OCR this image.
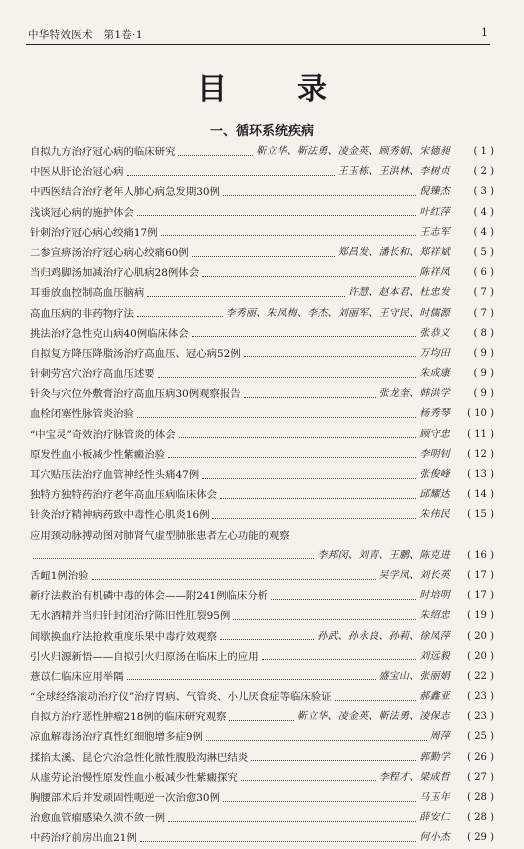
中华特效医术　第1卷·1	1
目　录
一、循环系统疾病
自拟九方治疗冠心病的临床研究	靳立华、靳法勇、凌金英、顾秀娟、宋德昶	( 1 )
中医从肝论治冠心病	王玉栋、王洪林、李树贞	( 2 )
中西医结合治疗老年人肺心病急发期30例	倪臻杰	( 3 )
浅谈冠心病的施护体会	叶红萍	( 4 )
针刺治疗冠心病心绞痛17例	王志军	( 4 )
二参宣痹汤治疗冠心病心绞痛60例	郑昌发、潘长和、郑祥斌	( 5 )
当归鸡脚汤加减治疗心肌病28例体会	陈祥凤	( 6 )
耳垂放血控制高血压脑病	许慧、赵本君、杜忠发	( 7 )
高血压病的非药物疗法	李秀丽、朱凤梅、李杰、刘丽军、王守民、时儒源	( 7 )
挑法治疗急性克山病40例临床体会	张恭义	( 8 )
自拟复方降压降脂汤治疗高血压、冠心病52例	万均田	( 9 )
针刺劳宫穴治疗高血压述要	朱成康	( 9 )
针灸与穴位外敷膏治疗高血压病30例观察报告	张龙奎、韩洪学	( 9 )
血栓闭塞性脉管炎治验	杨秀琴	( 10 )
“中宝灵”奇效治疗脉管炎的体会	顾守忠	( 11 )
原发性血小板减少性紫癜治验	李明钊	( 12 )
耳穴贴压法治疗血管神经性头痛47例	张俊峰	( 13 )
独特方独特药治疗老年高血压病临床体会	邱耀达	( 14 )
针灸治疗精神病药致中毒性心肌炎16例	朱伟民	( 15 )
应用颈动脉搏动图对肺肾气虚型肺胀患者左心功能的观察
李邦闵、刘青、王鹏、陈克进	( 16 )
舌衄1例治验	吴学凤、刘长英	( 17 )
新疗法救治有机磷中毒的体会——附241例临床分析	时培明	( 17 )
无水酒精并当归针封闭治疗陈旧性肛裂95例	朱绍忠	( 19 )
间歇换血疗法抢救重度乐果中毒疗效观察	孙武、孙永良、孙莉、徐凤萍	( 20 )
引火归源新悟——自拟引火归原汤在临床上的应用	刘远毅	( 20 )
薏苡仁临床应用举隅	盛宝山、张丽娟	( 22 )
“全球经络滚动治疗仪”治疗胃病、气管炎、小儿厌食症等临床验证	郝鑫亚	( 23 )
自拟方治疗恶性肿瘤218例的临床研究观察	靳立华、凌金英、靳法勇、凌保志	( 23 )
凉血解毒汤治疗真性红细胞增多症9例	周萍	( 25 )
揉掐太溪、昆仑穴治急性化脓性腹股沟淋巴结炎	郭勤学	( 26 )
从虚劳论治慢性原发性血小板减少性紫癜探究	李程才、梁成哲	( 27 )
胸腰部术后并发顽固性呃逆一次治愈30例	马玉年	( 28 )
治愈血管瘤感染久溃不敛一例	薛安仁	( 28 )
中药治疗前房出血21例	何小杰	( 29 )
